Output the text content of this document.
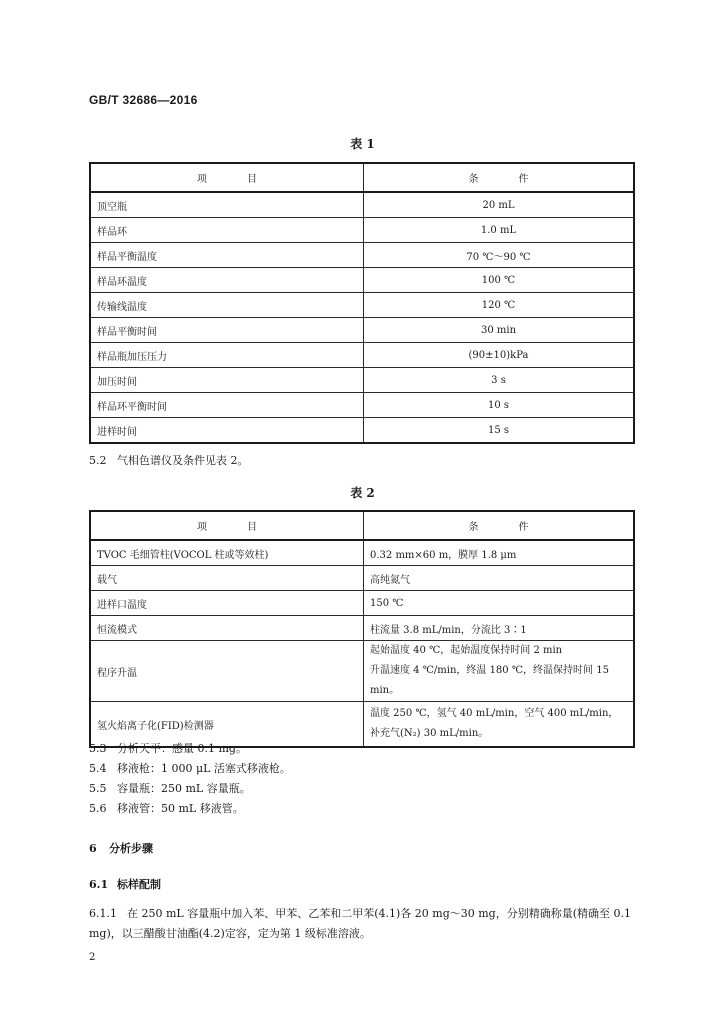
GB/T 32686—2016
表 1
项目	条件
顶空瓶	20 mL
样品环	1.0 mL
样品平衡温度	70 ℃～90 ℃
样品环温度	100 ℃
传输线温度	120 ℃
样品平衡时间	30 min
样品瓶加压压力	(90±10)kPa
加压时间	3 s
样品环平衡时间	10 s
进样时间	15 s
5.2 气相色谱仪及条件见表 2。
表 2
项目	条件
TVOC 毛细管柱(VOCOL 柱或等效柱)	0.32 mm×60 m，膜厚 1.8 μm
载气	高纯氮气
进样口温度	150 ℃
恒流模式	柱流量 3.8 mL/min，分流比 3∶1
程序升温	起始温度 40 ℃，起始温度保持时间 2 min
升温速度 4 ℃/min，终温 180 ℃，终温保持时间 15 min。

氢火焰离子化(FID)检测器	温度 250 ℃，氢气 40 mL/min，空气 400 mL/min，
补充气(N₂) 30 mL/min。
5.3 分析天平：感量 0.1 mg。
5.4 移液枪：1 000 μL 活塞式移液枪。
5.5 容量瓶：250 mL 容量瓶。
5.6 移液管：50 mL 移液管。
6 分析步骤
6.1 标样配制
6.1.1 在 250 mL 容量瓶中加入苯、甲苯、乙苯和二甲苯(4.1)各 20 mg～30 mg，分别精确称量(精确至 0.1 mg)，以三醋酸甘油酯(4.2)定容，定为第 1 级标准溶液。
2
